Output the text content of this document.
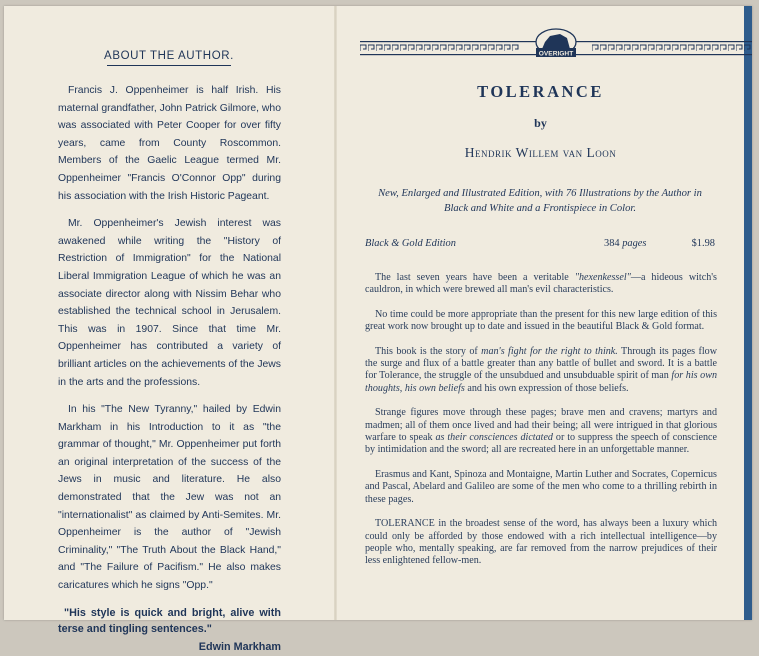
ABOUT THE AUTHOR.

Francis J. Oppenheimer is half Irish. His maternal grandfather, John Patrick Gilmore, who was associated with Peter Cooper for over fifty years, came from County Roscommon. Members of the Gaelic League termed Mr. Oppenheimer "Francis O'Connor Opp" during his association with the Irish Historic Pageant.

Mr. Oppenheimer's Jewish interest was awakened while writing the "History of Restriction of Immigration" for the National Liberal Immigration League of which he was an associate director along with Nissim Behar who established the technical school in Jerusalem. This was in 1907. Since that time Mr. Oppenheimer has contributed a variety of brilliant articles on the achievements of the Jews in the arts and the professions.

In his "The New Tyranny," hailed by Edwin Markham in his Introduction to it as "the grammar of thought," Mr. Oppenheimer put forth an original interpretation of the success of the Jews in music and literature. He also demonstrated that the Jew was not an "internationalist" as claimed by Anti-Semites. Mr. Oppenheimer is the author of "Jewish Criminality," "The Truth About the Black Hand," and "The Failure of Pacifism." He also makes caricatures which he signs "Opp."

"His style is quick and bright, alive with terse and tingling sentences."
Edwin Markham
OVERIGHT
TOLERANCE
by
Hendrik Willem van Loon
New, Enlarged and Illustrated Edition, with 76 Illustrations by the Author in Black and White and a Frontispiece in Color.
Black & Gold Edition	384 pages	$1.98

The last seven years have been a veritable "hexenkessel"—a hideous witch's cauldron, in which were brewed all man's evil characteristics.

No time could be more appropriate than the present for this new large edition of this great work now brought up to date and issued in the beautiful Black & Gold format.

This book is the story of man's fight for the right to think. Through its pages flow the surge and flux of a battle greater than any battle of bullet and sword. It is a battle for Tolerance, the struggle of the unsubdued and unsubduable spirit of man for his own thoughts, his own beliefs and his own expression of those beliefs.

Strange figures move through these pages; brave men and cravens; martyrs and madmen; all of them once lived and had their being; all were intrigued in that glorious warfare to speak as their consciences dictated or to suppress the speech of conscience by intimidation and the sword; all are recreated here in an unforgettable manner.

Erasmus and Kant, Spinoza and Montaigne, Martin Luther and Socrates, Copernicus and Pascal, Abelard and Galileo are some of the men who come to a thrilling rebirth in these pages.

TOLERANCE in the broadest sense of the word, has always been a luxury which could only be afforded by those endowed with a rich intellectual intelligence—by people who, mentally speaking, are far removed from the narrow prejudices of their less enlightened fellow-men.
